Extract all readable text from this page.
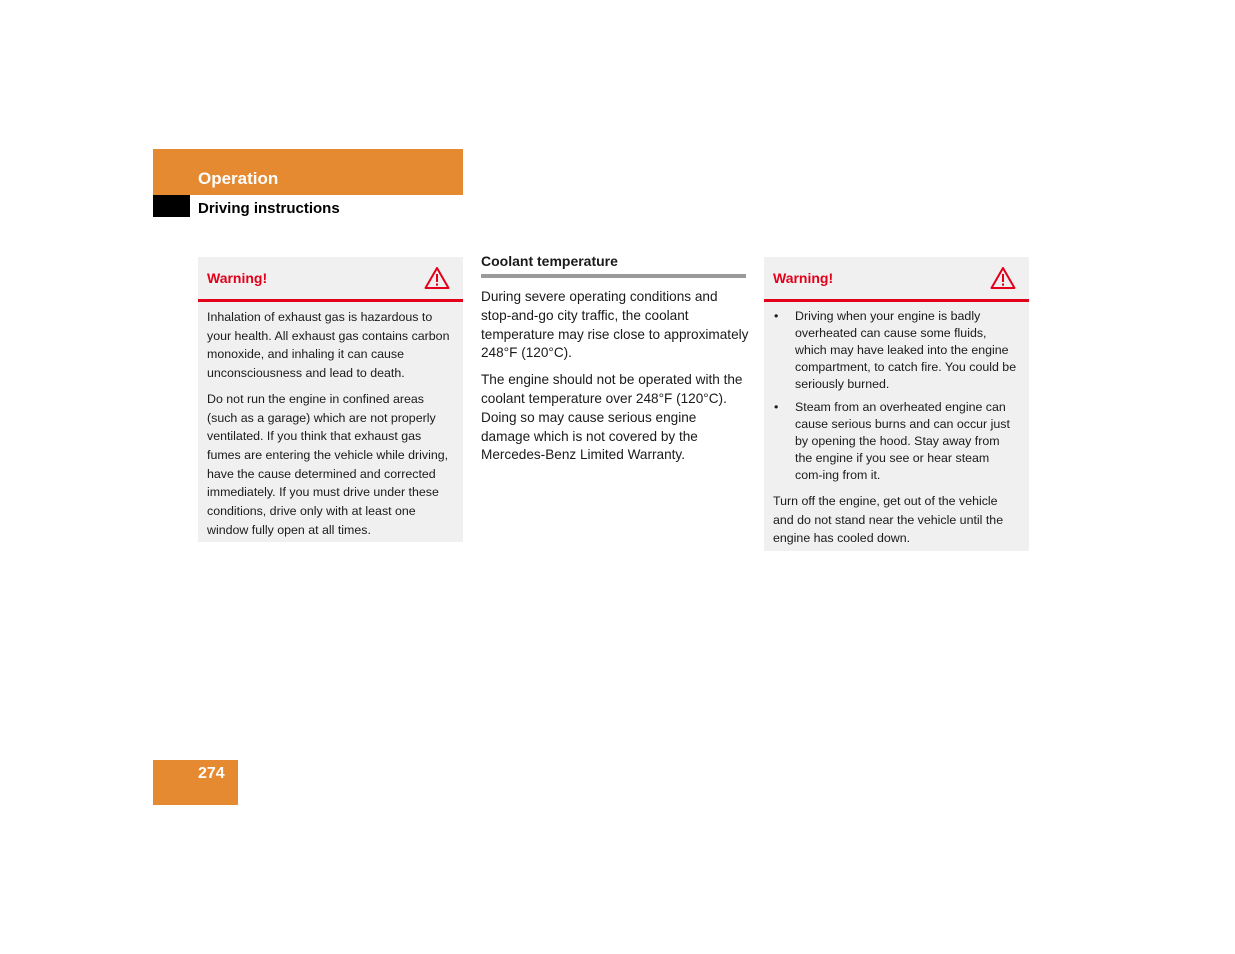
Operation
Driving instructions
Warning!

Inhalation of exhaust gas is hazardous to your health. All exhaust gas contains carbon monoxide, and inhaling it can cause unconsciousness and lead to death.

Do not run the engine in confined areas (such as a garage) which are not properly ventilated. If you think that exhaust gas fumes are entering the vehicle while driving, have the cause determined and corrected immediately. If you must drive under these conditions, drive only with at least one window fully open at all times.

Coolant temperature

During severe operating conditions and stop-and-go city traffic, the coolant temperature may rise close to approximately 248°F (120°C).

The engine should not be operated with the coolant temperature over 248°F (120°C). Doing so may cause serious engine damage which is not covered by the Mercedes-Benz Limited Warranty.

Warning!
• Driving when your engine is badly overheated can cause some fluids, which may have leaked into the engine compartment, to catch fire. You could be seriously burned.
• Steam from an overheated engine can cause serious burns and can occur just by opening the hood. Stay away from the engine if you see or hear steam com-ing from it.

Turn off the engine, get out of the vehicle and do not stand near the vehicle until the engine has cooled down.

274
